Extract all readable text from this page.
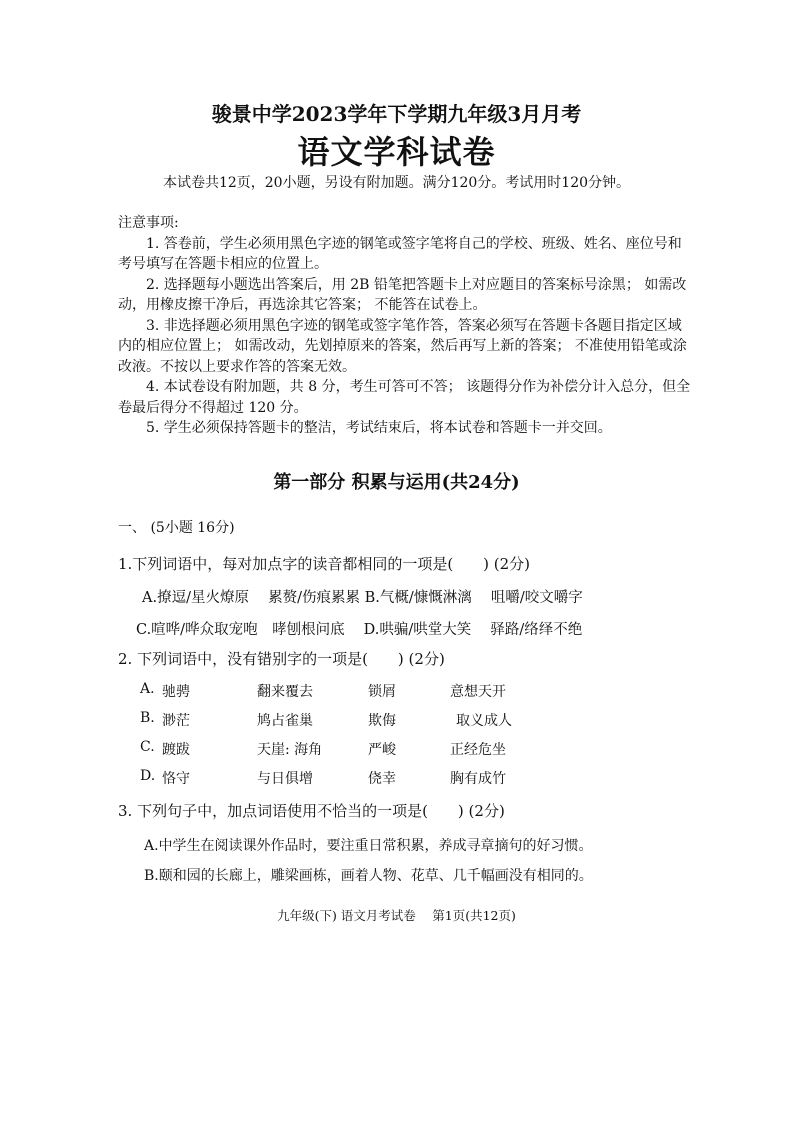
骏景中学2023学年下学期九年级3月月考
语文学科试卷
本试卷共12页，20小题，另设有附加题。满分120分。考试用时120分钟。

注意事项:

1. 答卷前，学生必须用黑色字迹的钢笔或签字笔将自己的学校、班级、姓名、座位号和考号填写在答题卡相应的位置上。

2. 选择题每小题选出答案后，用 2B 铅笔把答题卡上对应题目的答案标号涂黑； 如需改动，用橡皮擦干净后，再选涂其它答案； 不能答在试卷上。

3. 非选择题必须用黑色字迹的钢笔或签字笔作答，答案必须写在答题卡各题目指定区域内的相应位置上； 如需改动，先划掉原来的答案，然后再写上新的答案； 不准使用铅笔或涂改液。不按以上要求作答的答案无效。

4. 本试卷设有附加题，共 8 分，考生可答可不答； 该题得分作为补偿分计入总分，但全卷最后得分不得超过 120 分。

5. 学生必须保持答题卡的整洁，考试结束后，将本试卷和答题卡一并交回。

第一部分 积累与运用(共24分)
一、 (5小题 16分)
1.下列词语中，每对加点字的读音都相同的一项是(　　) (2分)
A.撩逗/星火燎原　 累赘/伤痕累累 B.气概/慷慨淋漓　 咀嚼/咬文嚼字
C.喧哗/哗众取宠咆　哮刨根问底　 D.哄骗/哄堂大笑　 驿路/络绎不绝
2. 下列词语中，没有错别字的一项是(　　) (2分)
A. 驰骋	翻来覆去	锁屑	意想天开
B. 渺茫	鸠占雀巢	欺侮	取义成人
C. 踱跋	天崖: 海角	严峻	正经危坐
D. 恪守	与日俱增	侥幸	胸有成竹
3. 下列句子中，加点词语使用不恰当的一项是(　　) (2分)
A.中学生在阅读课外作品时，要注重日常积累，养成寻章摘句的好习惯。
B.颐和园的长廊上，雕梁画栋，画着人物、花草、几千幅画没有相同的。
九年级(下) 语文月考试卷　 第1页(共12页)
